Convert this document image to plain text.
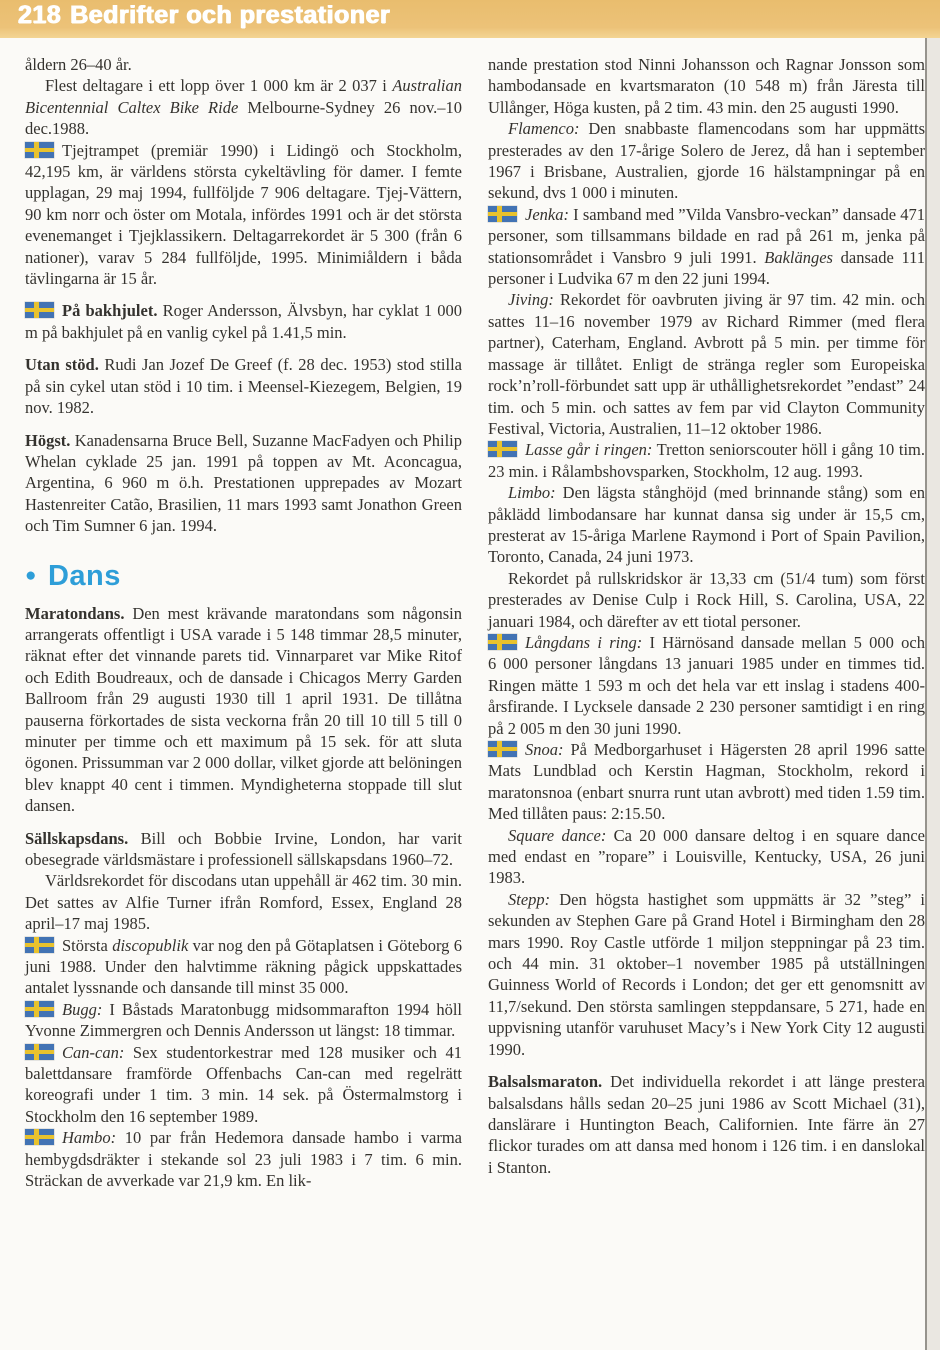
218 Bedrifter och prestationer

åldern 26–40 år.

Flest deltagare i ett lopp över 1 000 km är 2 037 i Australian Bicentennial Caltex Bike Ride Melbourne-Sydney 26 nov.–10 dec.1988.

Tjejtrampet (premiär 1990) i Lidingö och Stockholm, 42,195 km, är världens största cykeltävling för damer. I femte upplagan, 29 maj 1994, fullföljde 7 906 deltagare. Tjej-Vättern, 90 km norr och öster om Motala, infördes 1991 och är det största evenemanget i Tjejklassikern. Deltagarrekordet är 5 300 (från 6 nationer), varav 5 284 fullföljde, 1995. Minimiåldern i båda tävlingarna är 15 år.

På bakhjulet. Roger Andersson, Älvsbyn, har cyklat 1 000 m på bakhjulet på en vanlig cykel på 1.41,5 min.

Utan stöd. Rudi Jan Jozef De Greef (f. 28 dec. 1953) stod stilla på sin cykel utan stöd i 10 tim. i Meensel-Kiezegem, Belgien, 19 nov. 1982.

Högst. Kanadensarna Bruce Bell, Suzanne MacFadyen och Philip Whelan cyklade 25 jan. 1991 på toppen av Mt. Aconcagua, Argentina, 6 960 m ö.h. Prestationen upprepades av Mozart Hastenreiter Catão, Brasilien, 11 mars 1993 samt Jonathon Green och Tim Sumner 6 jan. 1994.

● Dans

Maratondans. Den mest krävande maratondans som någonsin arrangerats offentligt i USA varade i 5 148 timmar 28,5 minuter, räknat efter det vinnande parets tid. Vinnarparet var Mike Ritof och Edith Boudreaux, och de dansade i Chicagos Merry Garden Ballroom från 29 augusti 1930 till 1 april 1931. De tillåtna pauserna förkortades de sista veckorna från 20 till 10 till 5 till 0 minuter per timme och ett maximum på 15 sek. för att sluta ögonen. Prissumman var 2 000 dollar, vilket gjorde att belöningen blev knappt 40 cent i timmen. Myndigheterna stoppade till slut dansen.

Sällskapsdans. Bill och Bobbie Irvine, London, har varit obesegrade världsmästare i professionell sällskapsdans 1960–72.

Världsrekordet för discodans utan uppehåll är 462 tim. 30 min. Det sattes av Alfie Turner ifrån Romford, Essex, England 28 april–17 maj 1985.

Största discopublik var nog den på Götaplatsen i Göteborg 6 juni 1988. Under den halvtimme räkning pågick uppskattades antalet lyssnande och dansande till minst 35 000.

Bugg: I Båstads Maratonbugg midsommarafton 1994 höll Yvonne Zimmergren och Dennis Andersson ut längst: 18 timmar.

Can-can: Sex studentorkestrar med 128 musiker och 41 balettdansare framförde Offenbachs Can-can med regelrätt koreografi under 1 tim. 3 min. 14 sek. på Östermalmstorg i Stockholm den 16 september 1989.

Hambo: 10 par från Hedemora dansade hambo i varma hembygdsdräkter i stekande sol 23 juli 1983 i 7 tim. 6 min. Sträckan de avverkade var 21,9 km. En lik-

nande prestation stod Ninni Johansson och Ragnar Jonsson som hambodansade en kvartsmaraton (10 548 m) från Järesta till Ullånger, Höga kusten, på 2 tim. 43 min. den 25 augusti 1990.

Flamenco: Den snabbaste flamencodans som har uppmätts presterades av den 17-årige Solero de Jerez, då han i september 1967 i Brisbane, Australien, gjorde 16 hälstampningar på en sekund, dvs 1 000 i minuten.

Jenka: I samband med ”Vilda Vansbro-veckan” dansade 471 personer, som tillsammans bildade en rad på 261 m, jenka på stationsområdet i Vansbro 9 juli 1991. Baklänges dansade 111 personer i Ludvika 67 m den 22 juni 1994.

Jiving: Rekordet för oavbruten jiving är 97 tim. 42 min. och sattes 11–16 november 1979 av Richard Rimmer (med flera partner), Caterham, England. Avbrott på 5 min. per timme för massage är tillåtet. Enligt de stränga regler som Europeiska rock’n’roll-förbundet satt upp är uthållighetsrekordet ”endast” 24 tim. och 5 min. och sattes av fem par vid Clayton Community Festival, Victoria, Australien, 11–12 oktober 1986.

Lasse går i ringen: Tretton seniorscouter höll i gång 10 tim. 23 min. i Rålambshovsparken, Stockholm, 12 aug. 1993.

Limbo: Den lägsta stånghöjd (med brinnande stång) som en påklädd limbodansare har kunnat dansa sig under är 15,5 cm, presterat av 15-åriga Marlene Raymond i Port of Spain Pavilion, Toronto, Canada, 24 juni 1973.

Rekordet på rullskridskor är 13,33 cm (51/4 tum) som först presterades av Denise Culp i Rock Hill, S. Carolina, USA, 22 januari 1984, och därefter av ett tiotal personer.

Långdans i ring: I Härnösand dansade mellan 5 000 och 6 000 personer långdans 13 januari 1985 under en timmes tid. Ringen mätte 1 593 m och det hela var ett inslag i stadens 400-årsfirande. I Lycksele dansade 2 230 personer samtidigt i en ring på 2 005 m den 30 juni 1990.

Snoa: På Medborgarhuset i Hägersten 28 april 1996 satte Mats Lundblad och Kerstin Hagman, Stockholm, rekord i maratonsnoa (enbart snurra runt utan avbrott) med tiden 1.59 tim. Med tillåten paus: 2:15.50.

Square dance: Ca 20 000 dansare deltog i en square dance med endast en ”ropare” i Louisville, Kentucky, USA, 26 juni 1983.

Stepp: Den högsta hastighet som uppmätts är 32 ”steg” i sekunden av Stephen Gare på Grand Hotel i Birmingham den 28 mars 1990. Roy Castle utförde 1 miljon steppningar på 23 tim. och 44 min. 31 oktober–1 november 1985 på utställningen Guinness World of Records i London; det ger ett genomsnitt av 11,7/sekund. Den största samlingen steppdansare, 5 271, hade en uppvisning utanför varuhuset Macy’s i New York City 12 augusti 1990.

Balsalsmaraton. Det individuella rekordet i att länge prestera balsalsdans hålls sedan 20–25 juni 1986 av Scott Michael (31), danslärare i Huntington Beach, Californien. Inte färre än 27 flickor turades om att dansa med honom i 126 tim. i en danslokal i Stanton.
